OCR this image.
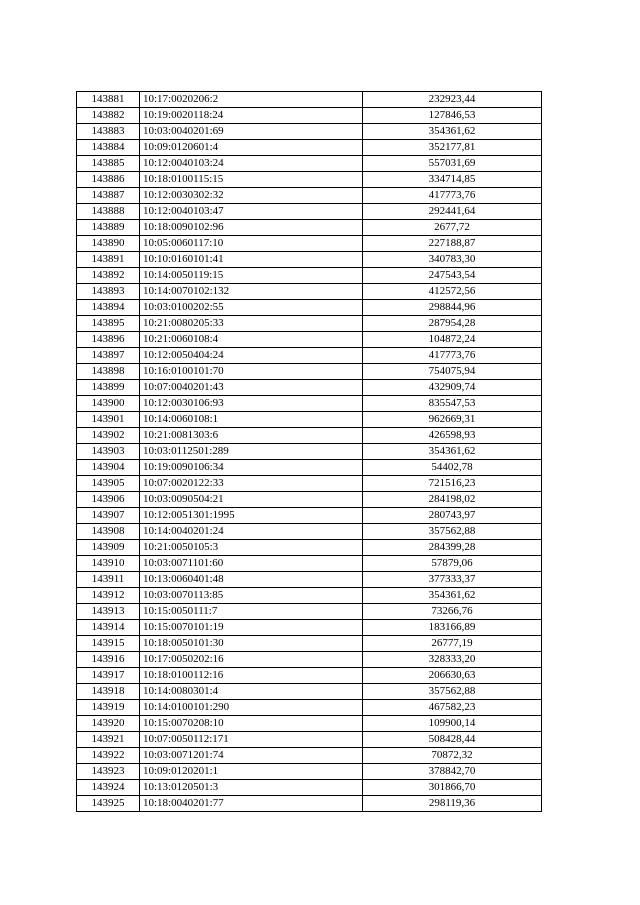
143881	10:17:0020206:2	232923,44
143882	10:19:0020118:24	127846,53
143883	10:03:0040201:69	354361,62
143884	10:09:0120601:4	352177,81
143885	10:12:0040103:24	557031,69
143886	10:18:0100115:15	334714,85
143887	10:12:0030302:32	417773,76
143888	10:12:0040103:47	292441,64
143889	10:18:0090102:96	2677,72
143890	10:05:0060117:10	227188,87
143891	10:10:0160101:41	340783,30
143892	10:14:0050119:15	247543,54
143893	10:14:0070102:132	412572,56
143894	10:03:0100202:55	298844,96
143895	10:21:0080205:33	287954,28
143896	10:21:0060108:4	104872,24
143897	10:12:0050404:24	417773,76
143898	10:16:0100101:70	754075,94
143899	10:07:0040201:43	432909,74
143900	10:12:0030106:93	835547,53
143901	10:14:0060108:1	962669,31
143902	10:21:0081303:6	426598,93
143903	10:03:0112501:289	354361,62
143904	10:19:0090106:34	54402,78
143905	10:07:0020122:33	721516,23
143906	10:03:0090504:21	284198,02
143907	10:12:0051301:1995	280743,97
143908	10:14:0040201:24	357562,88
143909	10:21:0050105:3	284399,28
143910	10:03:0071101:60	57879,06
143911	10:13:0060401:48	377333,37
143912	10:03:0070113:85	354361,62
143913	10:15:0050111:7	73266,76
143914	10:15:0070101:19	183166,89
143915	10:18:0050101:30	26777,19
143916	10:17:0050202:16	328333,20
143917	10:18:0100112:16	206630,63
143918	10:14:0080301:4	357562,88
143919	10:14:0100101:290	467582,23
143920	10:15:0070208:10	109900,14
143921	10:07:0050112:171	508428,44
143922	10:03:0071201:74	70872,32
143923	10:09:0120201:1	378842,70
143924	10:13:0120501:3	301866,70
143925	10:18:0040201:77	298119,36
